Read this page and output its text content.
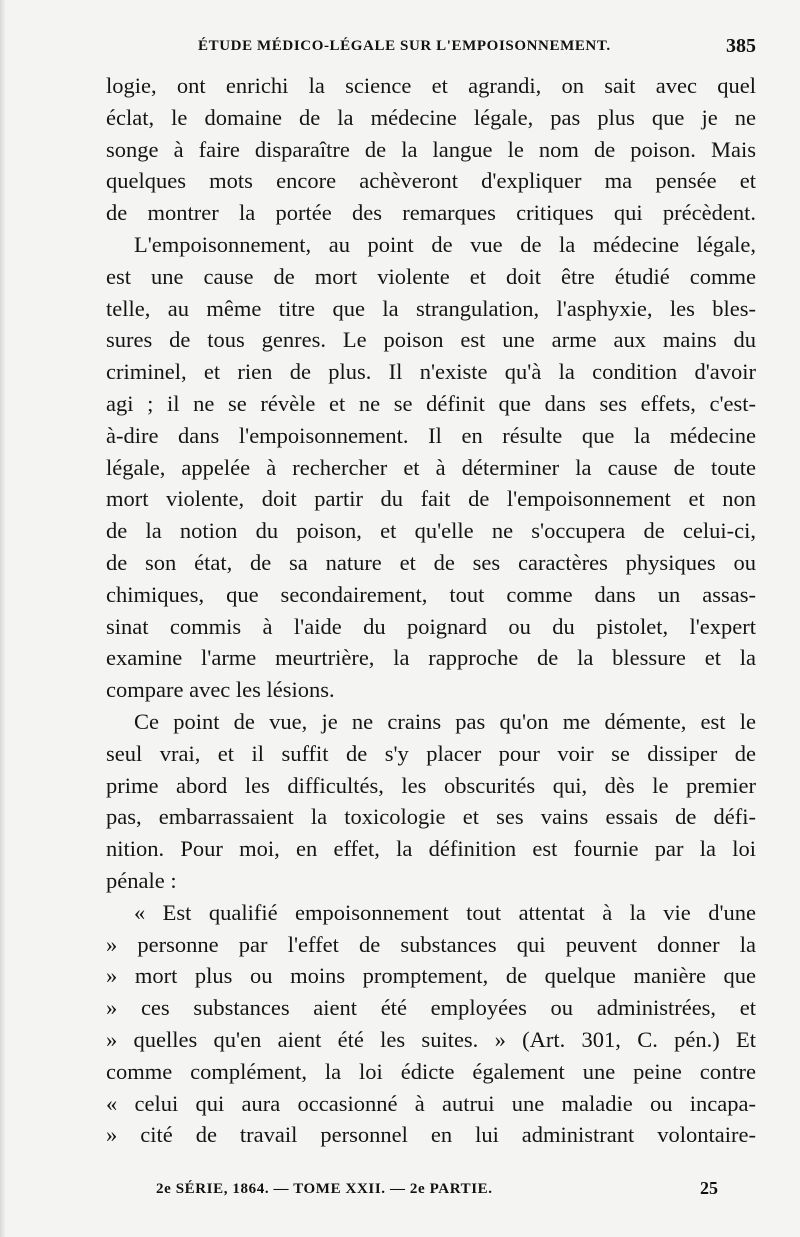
ÉTUDE MÉDICO-LÉGALE SUR L'EMPOISONNEMENT.	385
logie, ont enrichi la science et agrandi, on sait avec quel
éclat, le domaine de la médecine légale, pas plus que je ne
songe à faire disparaître de la langue le nom de poison. Mais
quelques mots encore achèveront d'expliquer ma pensée et
de montrer la portée des remarques critiques qui précèdent.
L'empoisonnement, au point de vue de la médecine légale,
est une cause de mort violente et doit être étudié comme
telle, au même titre que la strangulation, l'asphyxie, les bles-
sures de tous genres. Le poison est une arme aux mains du
criminel, et rien de plus. Il n'existe qu'à la condition d'avoir
agi ; il ne se révèle et ne se définit que dans ses effets, c'est-
à-dire dans l'empoisonnement. Il en résulte que la médecine
légale, appelée à rechercher et à déterminer la cause de toute
mort violente, doit partir du fait de l'empoisonnement et non
de la notion du poison, et qu'elle ne s'occupera de celui-ci,
de son état, de sa nature et de ses caractères physiques ou
chimiques, que secondairement, tout comme dans un assas-
sinat commis à l'aide du poignard ou du pistolet, l'expert
examine l'arme meurtrière, la rapproche de la blessure et la
compare avec les lésions.
Ce point de vue, je ne crains pas qu'on me démente, est le
seul vrai, et il suffit de s'y placer pour voir se dissiper de
prime abord les difficultés, les obscurités qui, dès le premier
pas, embarrassaient la toxicologie et ses vains essais de défi-
nition. Pour moi, en effet, la définition est fournie par la loi
pénale :
« Est qualifié empoisonnement tout attentat à la vie d'une
» personne par l'effet de substances qui peuvent donner la
» mort plus ou moins promptement, de quelque manière que
» ces substances aient été employées ou administrées, et
» quelles qu'en aient été les suites. » (Art. 301, C. pén.) Et
comme complément, la loi édicte également une peine contre
« celui qui aura occasionné à autrui une maladie ou incapa-
» cité de travail personnel en lui administrant volontaire-
2e SÉRIE, 1864. — TOME XXII. — 2e PARTIE.	25
